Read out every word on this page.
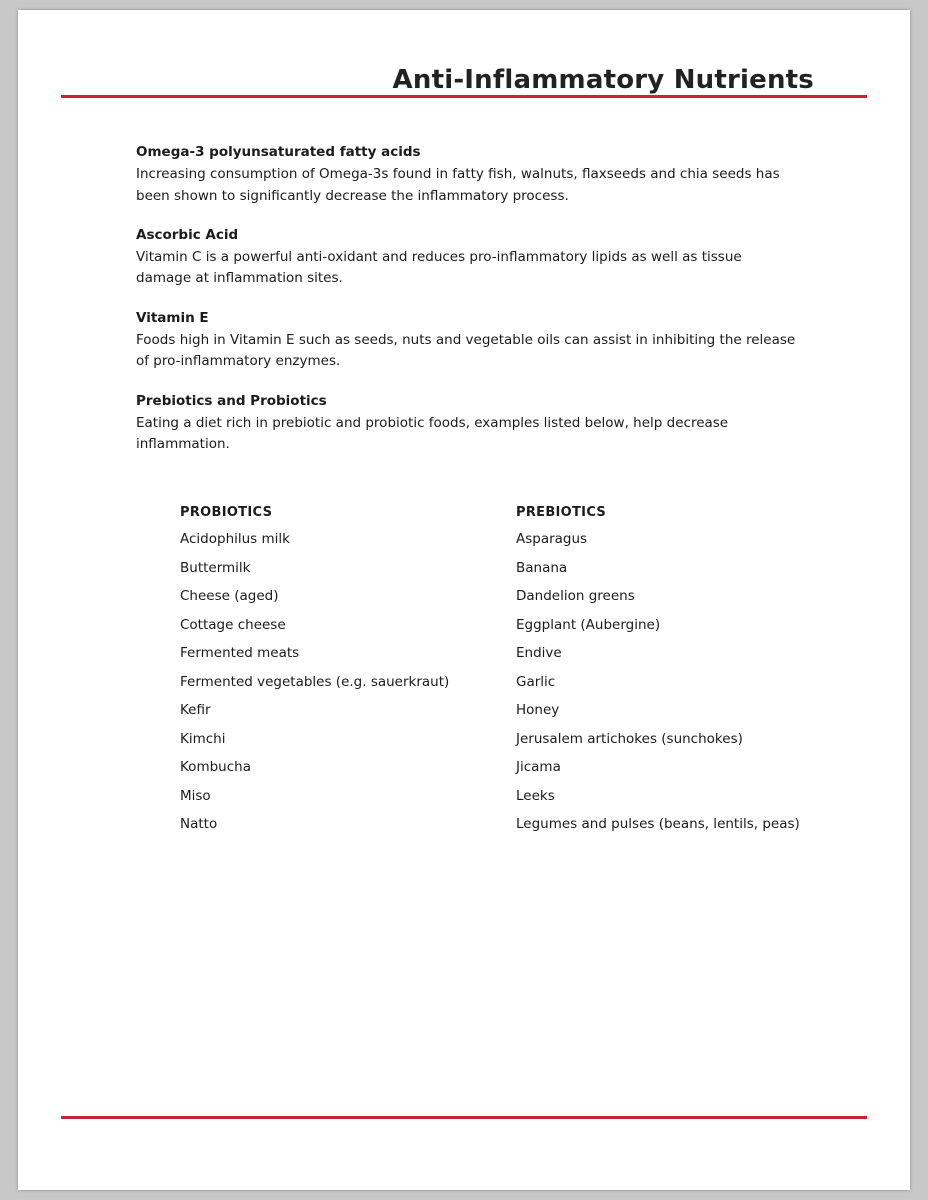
Anti-Inflammatory Nutrients
Omega-3 polyunsaturated fatty acids

Increasing consumption of Omega-3s found in fatty fish, walnuts, flaxseeds and chia seeds has been shown to significantly decrease the inflammatory process.

Ascorbic Acid

Vitamin C is a powerful anti-oxidant and reduces pro-inflammatory lipids as well as tissue damage at inflammation sites.

Vitamin E

Foods high in Vitamin E such as seeds, nuts and vegetable oils can assist in inhibiting the release of pro-inflammatory enzymes.

Prebiotics and Probiotics

Eating a diet rich in prebiotic and probiotic foods, examples listed below, help decrease inflammation.

PROBIOTICS
Acidophilus milk
Buttermilk
Cheese (aged)
Cottage cheese
Fermented meats
Fermented vegetables (e.g. sauerkraut)
Kefir
Kimchi
Kombucha
Miso
Natto
PREBIOTICS
Asparagus
Banana
Dandelion greens
Eggplant (Aubergine)
Endive
Garlic
Honey
Jerusalem artichokes (sunchokes)
Jicama
Leeks
Legumes and pulses (beans, lentils, peas)
